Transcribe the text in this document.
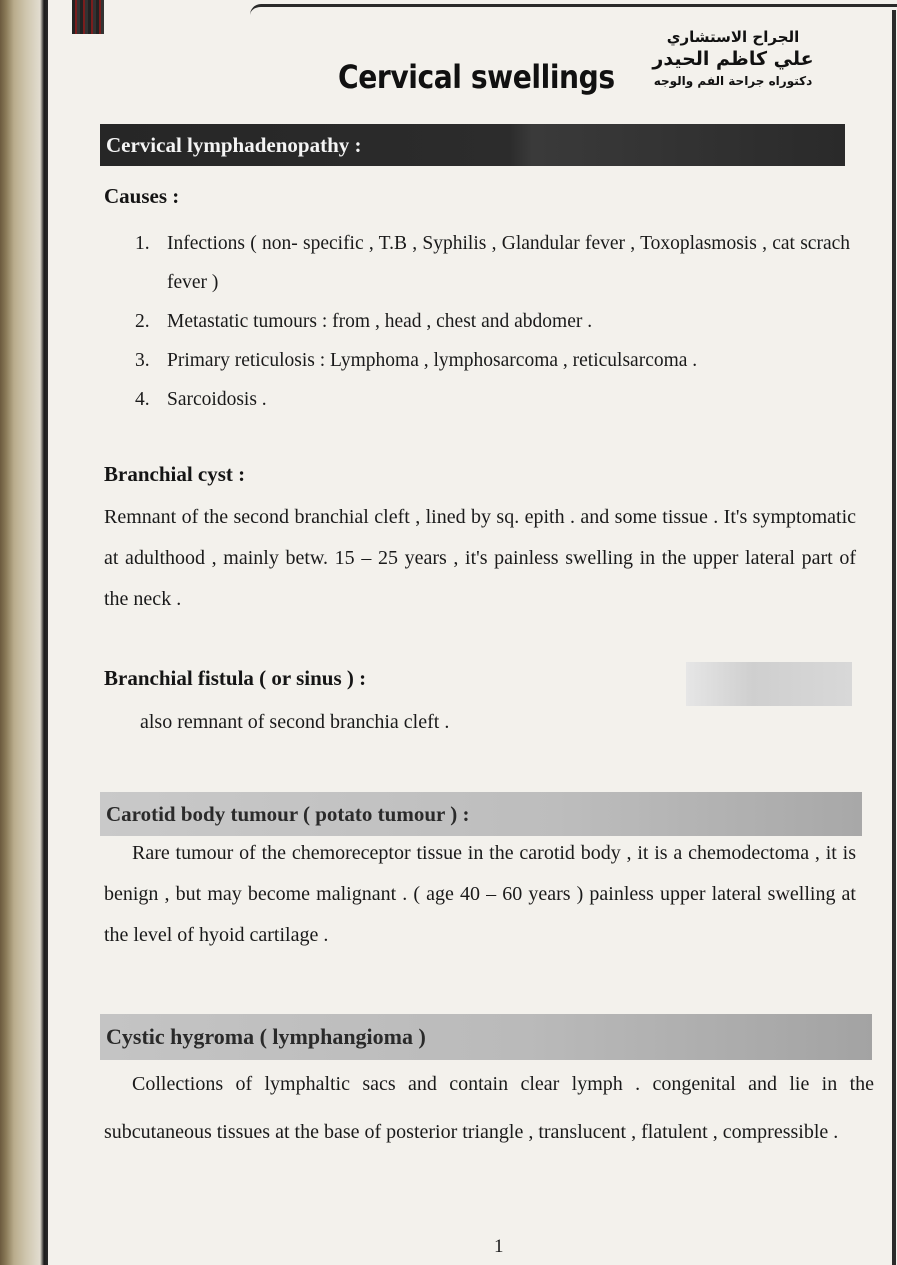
Cervical swellings
الجراح الاستشاري
علي كاظم الحيدر
دكتوراه جراحة الفم والوجه
Cervical lymphadenopathy :
Causes :
1. Infections ( non- specific , T.B , Syphilis , Glandular fever , Toxoplasmosis , cat scrach fever )
2. Metastatic tumours : from , head , chest and abdomer .
3. Primary reticulosis : Lymphoma , lymphosarcoma , reticulsarcoma .
4. Sarcoidosis .
Branchial cyst :
Remnant of the second branchial cleft , lined by sq. epith . and some tissue . It's symptomatic at adulthood , mainly betw. 15 – 25 years , it's painless swelling in the upper lateral part of the neck .
Branchial fistula ( or sinus ) :
also remnant of second branchia cleft .
Carotid body tumour ( potato tumour ) :
Rare tumour of the chemoreceptor tissue in the carotid body , it is a chemodectoma , it is benign , but may become malignant . ( age 40 – 60 years ) painless upper lateral swelling at the level of hyoid cartilage .
Cystic hygroma ( lymphangioma )
Collections of lymphaltic sacs and contain clear lymph . congenital and lie in the subcutaneous tissues at the base of posterior triangle , translucent , flatulent , compressible .
1
